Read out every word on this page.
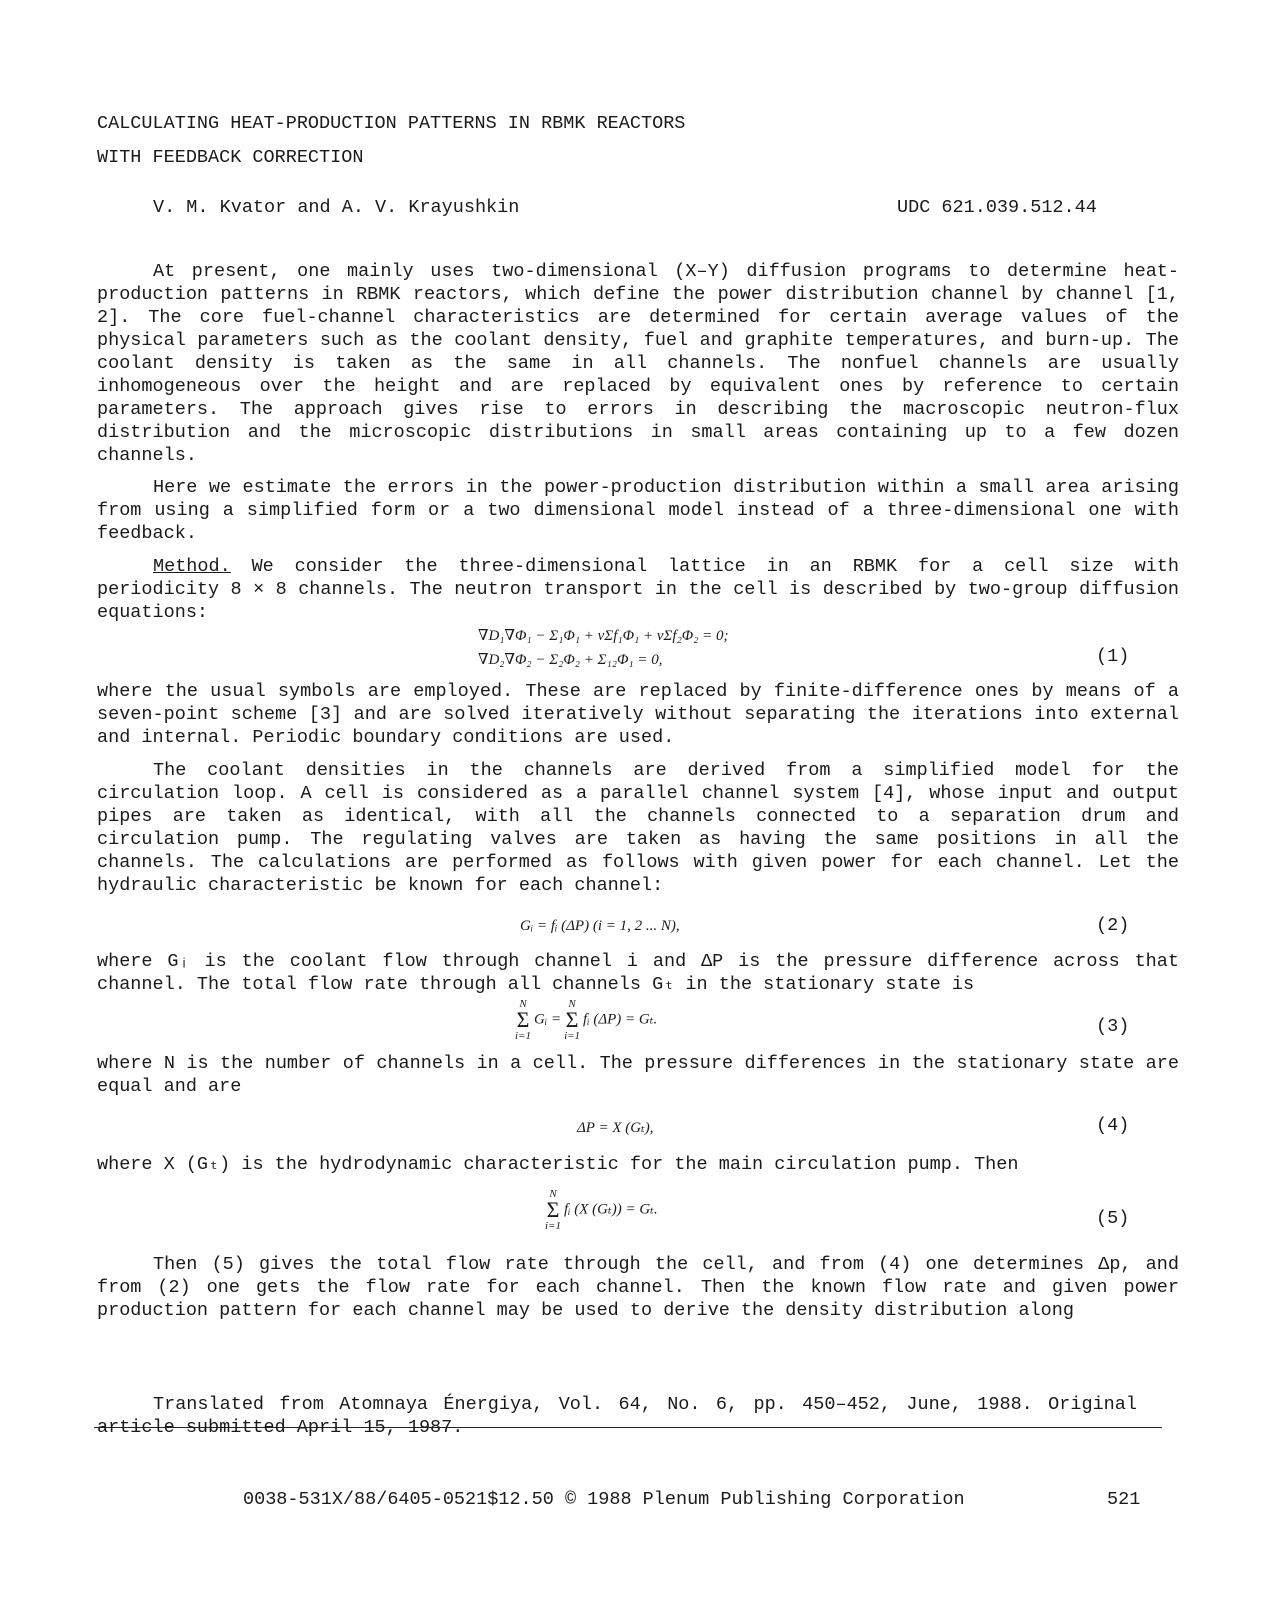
CALCULATING HEAT-PRODUCTION PATTERNS IN RBMK REACTORS
WITH FEEDBACK CORRECTION
V. M. Kvator and A. V. Krayushkin	UDC 621.039.512.44
At present, one mainly uses two-dimensional (X–Y) diffusion programs to determine heat-production patterns in RBMK reactors, which define the power distribution channel by channel [1, 2]. The core fuel-channel characteristics are determined for certain average values of the physical parameters such as the coolant density, fuel and graphite temperatures, and burn-up. The coolant density is taken as the same in all channels. The nonfuel channels are usually inhomogeneous over the height and are replaced by equivalent ones by reference to certain parameters. The approach gives rise to errors in describing the macroscopic neutron-flux distribution and the microscopic distributions in small areas containing up to a few dozen channels.
Here we estimate the errors in the power-production distribution within a small area arising from using a simplified form or a two dimensional model instead of a three-dimensional one with feedback.
Method. We consider the three-dimensional lattice in an RBMK for a cell size with periodicity 8 × 8 channels. The neutron transport in the cell is described by two-group diffusion equations:
∇D₁∇Φ₁ − Σ₁Φ₁ + νΣf₁Φ₁ + νΣf₂Φ₂ = 0;
∇D₂∇Φ₂ − Σ₂Φ₂ + Σ₁₂Φ₁ = 0,	(1)
where the usual symbols are employed. These are replaced by finite-difference ones by means of a seven-point scheme [3] and are solved iteratively without separating the iterations into external and internal. Periodic boundary conditions are used.
The coolant densities in the channels are derived from a simplified model for the circulation loop. A cell is considered as a parallel channel system [4], whose input and output pipes are taken as identical, with all the channels connected to a separation drum and circulation pump. The regulating valves are taken as having the same positions in all the channels. The calculations are performed as follows with given power for each channel. Let the hydraulic characteristic be known for each channel:
Gᵢ = fᵢ (ΔP) (i = 1, 2 ... N),	(2)
where Gᵢ is the coolant flow through channel i and ΔP is the pressure difference across that channel. The total flow rate through all channels Gₜ in the stationary state is
N
Σ
i=1
Gᵢ =
N
Σ
i=1
fᵢ (ΔP) = Gₜ.	(3)
where N is the number of channels in a cell. The pressure differences in the stationary state are equal and are
ΔP = X (Gₜ),	(4)
where X (Gₜ) is the hydrodynamic characteristic for the main circulation pump. Then
N
Σ
i=1
fᵢ (X (Gₜ)) = Gₜ.	(5)
Then (5) gives the total flow rate through the cell, and from (4) one determines Δp, and from (2) one gets the flow rate for each channel. Then the known flow rate and given power production pattern for each channel may be used to derive the density distribution along
Translated from Atomnaya Énergiya, Vol. 64, No. 6, pp. 450–452, June, 1988. Original article submitted April 15, 1987.
0038-531X/88/6405-0521$12.50 © 1988 Plenum Publishing Corporation	521
